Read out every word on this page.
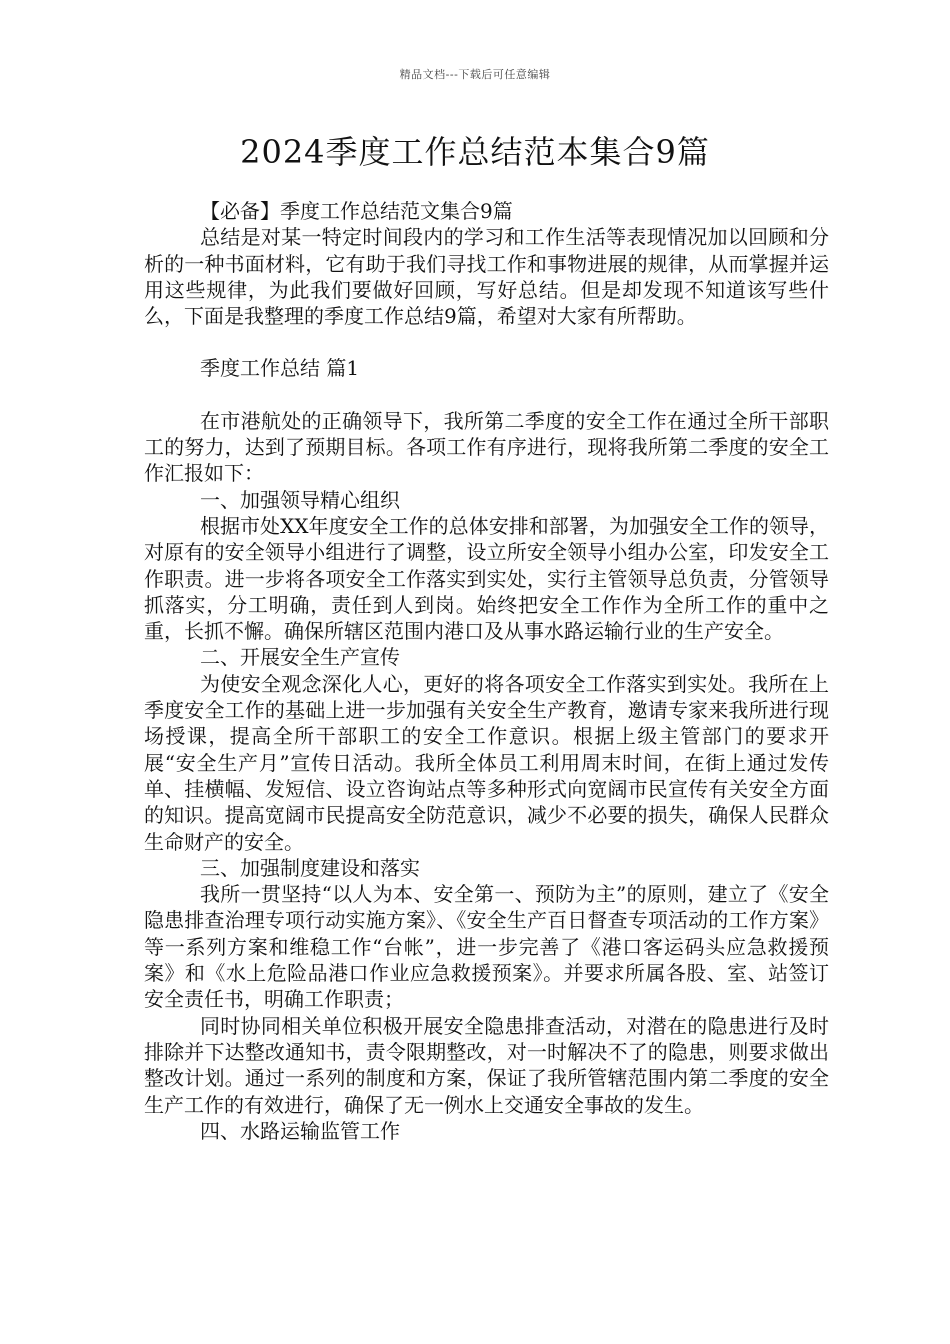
精品文档---下载后可任意编辑
2024季度工作总结范本集合9篇

【必备】季度工作总结范文集合9篇

总结是对某一特定时间段内的学习和工作生活等表现情况加以回顾和分析的一种书面材料，它有助于我们寻找工作和事物进展的规律，从而掌握并运用这些规律，为此我们要做好回顾，写好总结。但是却发现不知道该写些什么，下面是我整理的季度工作总结9篇，希望对大家有所帮助。

季度工作总结 篇1

在市港航处的正确领导下，我所第二季度的安全工作在通过全所干部职工的努力，达到了预期目标。各项工作有序进行，现将我所第二季度的安全工作汇报如下：

一、加强领导精心组织

根据市处XX年度安全工作的总体安排和部署，为加强安全工作的领导，对原有的安全领导小组进行了调整，设立所安全领导小组办公室，印发安全工作职责。进一步将各项安全工作落实到实处，实行主管领导总负责，分管领导抓落实，分工明确，责任到人到岗。始终把安全工作作为全所工作的重中之重，长抓不懈。确保所辖区范围内港口及从事水路运输行业的生产安全。

二、开展安全生产宣传

为使安全观念深化人心，更好的将各项安全工作落实到实处。我所在上季度安全工作的基础上进一步加强有关安全生产教育，邀请专家来我所进行现场授课，提高全所干部职工的安全工作意识。根据上级主管部门的要求开展“安全生产月”宣传日活动。我所全体员工利用周末时间，在街上通过发传单、挂横幅、发短信、设立咨询站点等多种形式向宽阔市民宣传有关安全方面的知识。提高宽阔市民提高安全防范意识，减少不必要的损失，确保人民群众生命财产的安全。

三、加强制度建设和落实

我所一贯坚持“以人为本、安全第一、预防为主”的原则，建立了《安全隐患排查治理专项行动实施方案》、《安全生产百日督查专项活动的工作方案》等一系列方案和维稳工作“台帐”，进一步完善了《港口客运码头应急救援预案》和《水上危险品港口作业应急救援预案》。并要求所属各股、室、站签订安全责任书，明确工作职责；

同时协同相关单位积极开展安全隐患排查活动，对潜在的隐患进行及时排除并下达整改通知书，责令限期整改，对一时解决不了的隐患，则要求做出整改计划。通过一系列的制度和方案，保证了我所管辖范围内第二季度的安全生产工作的有效进行，确保了无一例水上交通安全事故的发生。

四、水路运输监管工作
